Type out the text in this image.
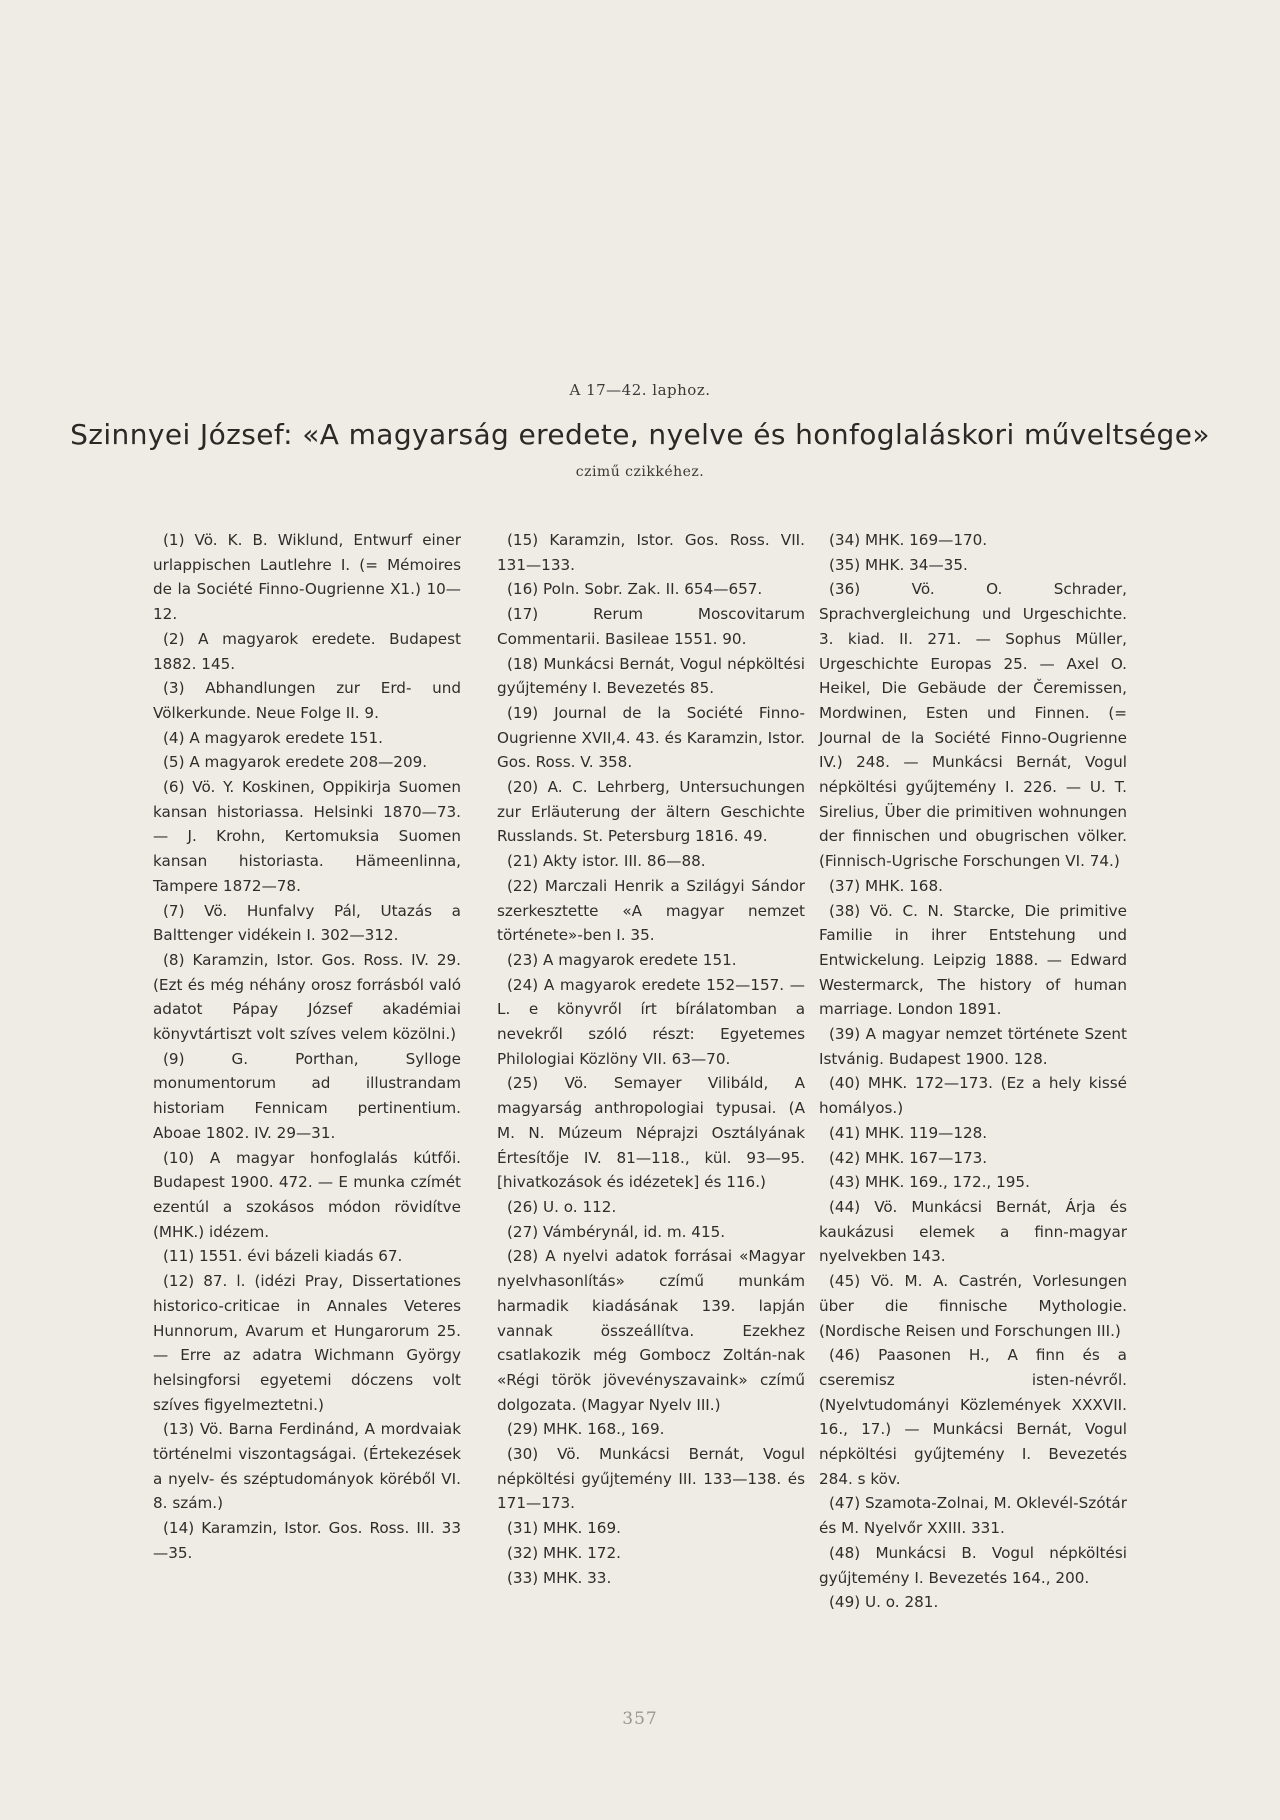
A 17—42. laphoz.
Szinnyei József: «A magyarság eredete, nyelve és honfoglaláskori műveltsége»
czimű czikkéhez.

(1) Vö. K. B. Wiklund, Entwurf einer urlappischen Lautlehre I. (= Mémoires de la Société Finno-Ougrienne X1.) 10—12.

(2) A magyarok eredete. Budapest 1882. 145.

(3) Abhandlungen zur Erd- und Völkerkunde. Neue Folge II. 9.

(4) A magyarok eredete 151.

(5) A magyarok eredete 208—209.

(6) Vö. Y. Koskinen, Oppikirja Suomen kansan historiassa. Helsinki 1870—73. — J. Krohn, Kertomuksia Suomen kansan historiasta. Hämeenlinna, Tampere 1872—78.

(7) Vö. Hunfalvy Pál, Utazás a Balttenger vidékein I. 302—312.

(8) Karamzin, Istor. Gos. Ross. IV. 29. (Ezt és még néhány orosz forrásból való adatot Pápay József akadémiai könyvtártiszt volt szíves velem közölni.)

(9) G. Porthan, Sylloge monumentorum ad illustrandam historiam Fennicam pertinentium. Aboae 1802. IV. 29—31.

(10) A magyar honfoglalás kútfői. Budapest 1900. 472. — E munka czímét ezentúl a szokásos módon rövidítve (MHK.) idézem.

(11) 1551. évi bázeli kiadás 67.

(12) 87. l. (idézi Pray, Dissertationes historico-criticae in Annales Veteres Hunnorum, Avarum et Hungarorum 25. — Erre az adatra Wichmann György helsingforsi egyetemi dóczens volt szíves figyelmeztetni.)

(13) Vö. Barna Ferdinánd, A mordvaiak történelmi viszontagságai. (Értekezések a nyelv- és széptudományok köréből VI. 8. szám.)

(14) Karamzin, Istor. Gos. Ross. III. 33—35.

(15) Karamzin, Istor. Gos. Ross. VII. 131—133.

(16) Poln. Sobr. Zak. II. 654—657.

(17) Rerum Moscovitarum Commentarii. Basileae 1551. 90.

(18) Munkácsi Bernát, Vogul népköltési gyűjtemény I. Bevezetés 85.

(19) Journal de la Société Finno-Ougrienne XVII,4. 43. és Karamzin, Istor. Gos. Ross. V. 358.

(20) A. C. Lehrberg, Untersuchungen zur Erläuterung der ältern Geschichte Russlands. St. Petersburg 1816. 49.

(21) Akty istor. III. 86—88.

(22) Marczali Henrik a Szilágyi Sándor szerkesztette «A magyar nemzet története»-ben I. 35.

(23) A magyarok eredete 151.

(24) A magyarok eredete 152—157. — L. e könyvről írt bírálatomban a nevekről szóló részt: Egyetemes Philologiai Közlöny VII. 63—70.

(25) Vö. Semayer Vilibáld, A magyarság anthropologiai typusai. (A M. N. Múzeum Néprajzi Osztályának Értesítője IV. 81—118., kül. 93—95. [hivatkozások és idézetek] és 116.)

(26) U. o. 112.

(27) Vámbérynál, id. m. 415.

(28) A nyelvi adatok forrásai «Magyar nyelvhasonlítás» czímű munkám harmadik kiadásának 139. lapján vannak összeállítva. Ezekhez csatlakozik még Gombocz Zoltán-nak «Régi török jövevényszavaink» czímű dolgozata. (Magyar Nyelv III.)

(29) MHK. 168., 169.

(30) Vö. Munkácsi Bernát, Vogul népköltési gyűjtemény III. 133—138. és 171—173.

(31) MHK. 169.

(32) MHK. 172.

(33) MHK. 33.

(34) MHK. 169—170.

(35) MHK. 34—35.

(36) Vö. O. Schrader, Sprachvergleichung und Urgeschichte. 3. kiad. II. 271. — Sophus Müller, Urgeschichte Europas 25. — Axel O. Heikel, Die Gebäude der Čeremissen, Mordwinen, Esten und Finnen. (= Journal de la Société Finno-Ougrienne IV.) 248. — Munkácsi Bernát, Vogul népköltési gyűjtemény I. 226. — U. T. Sirelius, Über die primitiven wohnungen der finnischen und obugrischen völker. (Finnisch-Ugrische Forschungen VI. 74.)

(37) MHK. 168.

(38) Vö. C. N. Starcke, Die primitive Familie in ihrer Entstehung und Entwickelung. Leipzig 1888. — Edward Westermarck, The history of human marriage. London 1891.

(39) A magyar nemzet története Szent Istvánig. Budapest 1900. 128.

(40) MHK. 172—173. (Ez a hely kissé homályos.)

(41) MHK. 119—128.

(42) MHK. 167—173.

(43) MHK. 169., 172., 195.

(44) Vö. Munkácsi Bernát, Árja és kaukázusi elemek a finn-magyar nyelvekben 143.

(45) Vö. M. A. Castrén, Vorlesungen über die finnische Mythologie. (Nordische Reisen und Forschungen III.)

(46) Paasonen H., A finn és a cseremisz isten-névről. (Nyelvtudományi Közlemények XXXVII. 16., 17.) — Munkácsi Bernát, Vogul népköltési gyűjtemény I. Bevezetés 284. s köv.

(47) Szamota-Zolnai, M. Oklevél-Szótár és M. Nyelvőr XXIII. 331.

(48) Munkácsi B. Vogul népköltési gyűjtemény I. Bevezetés 164., 200.

(49) U. o. 281.

357
